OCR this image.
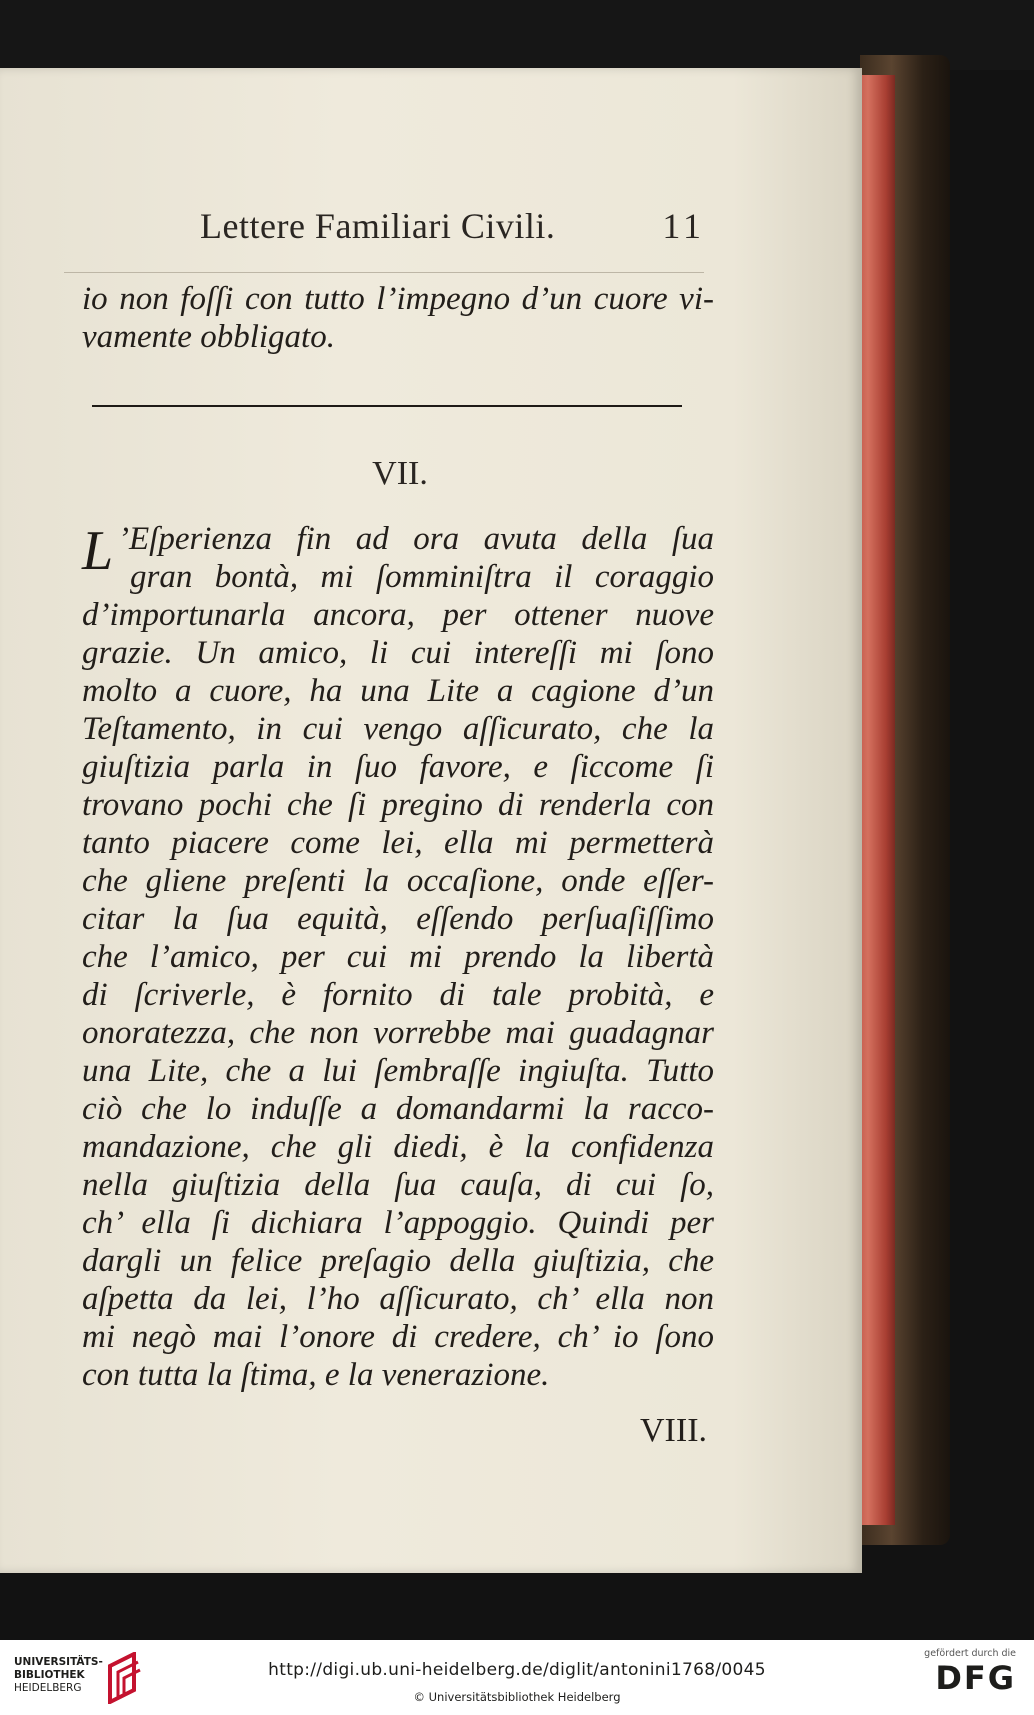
Lettere Familiari Civili.	11
io non foſſi con tutto l’impegno d’un cuore vi-
vamente obbligato.
VII.
L ’Eſperienza fin ad ora avuta della ſua
gran bontà, mi ſomminiſtra il coraggio
d’importunarla ancora, per ottener nuove
grazie. Un amico, li cui intereſſi mi ſono
molto a cuore, ha una Lite a cagione d’un
Teſtamento, in cui vengo aſſicurato, che la
giuſtizia parla in ſuo favore, e ſiccome ſi
trovano pochi che ſi pregino di renderla con
tanto piacere come lei, ella mi permetterà
che gliene preſenti la occaſione, onde eſſer-
citar la ſua equità, eſſendo perſuaſiſſimo
che l’amico, per cui mi prendo la libertà
di ſcriverle, è fornito di tale probità, e
onoratezza, che non vorrebbe mai guadagnar
una Lite, che a lui ſembraſſe ingiuſta. Tutto
ciò che lo induſſe a domandarmi la racco-
mandazione, che gli diedi, è la confidenza
nella giuſtizia della ſua cauſa, di cui ſo,
ch’ ella ſi dichiara l’appoggio. Quindi per
dargli un felice preſagio della giuſtizia, che
aſpetta da lei, l’ho aſſicurato, ch’ ella non
mi negò mai l’onore di credere, ch’ io ſono
con tutta la ſtima, e la venerazione.
VIII.
UNIVERSITÄTS-
BIBLIOTHEK
HEIDELBERG
http://digi.ub.uni-heidelberg.de/diglit/antonini1768/0045
© Universitätsbibliothek Heidelberg
gefördert durch die
DFG
